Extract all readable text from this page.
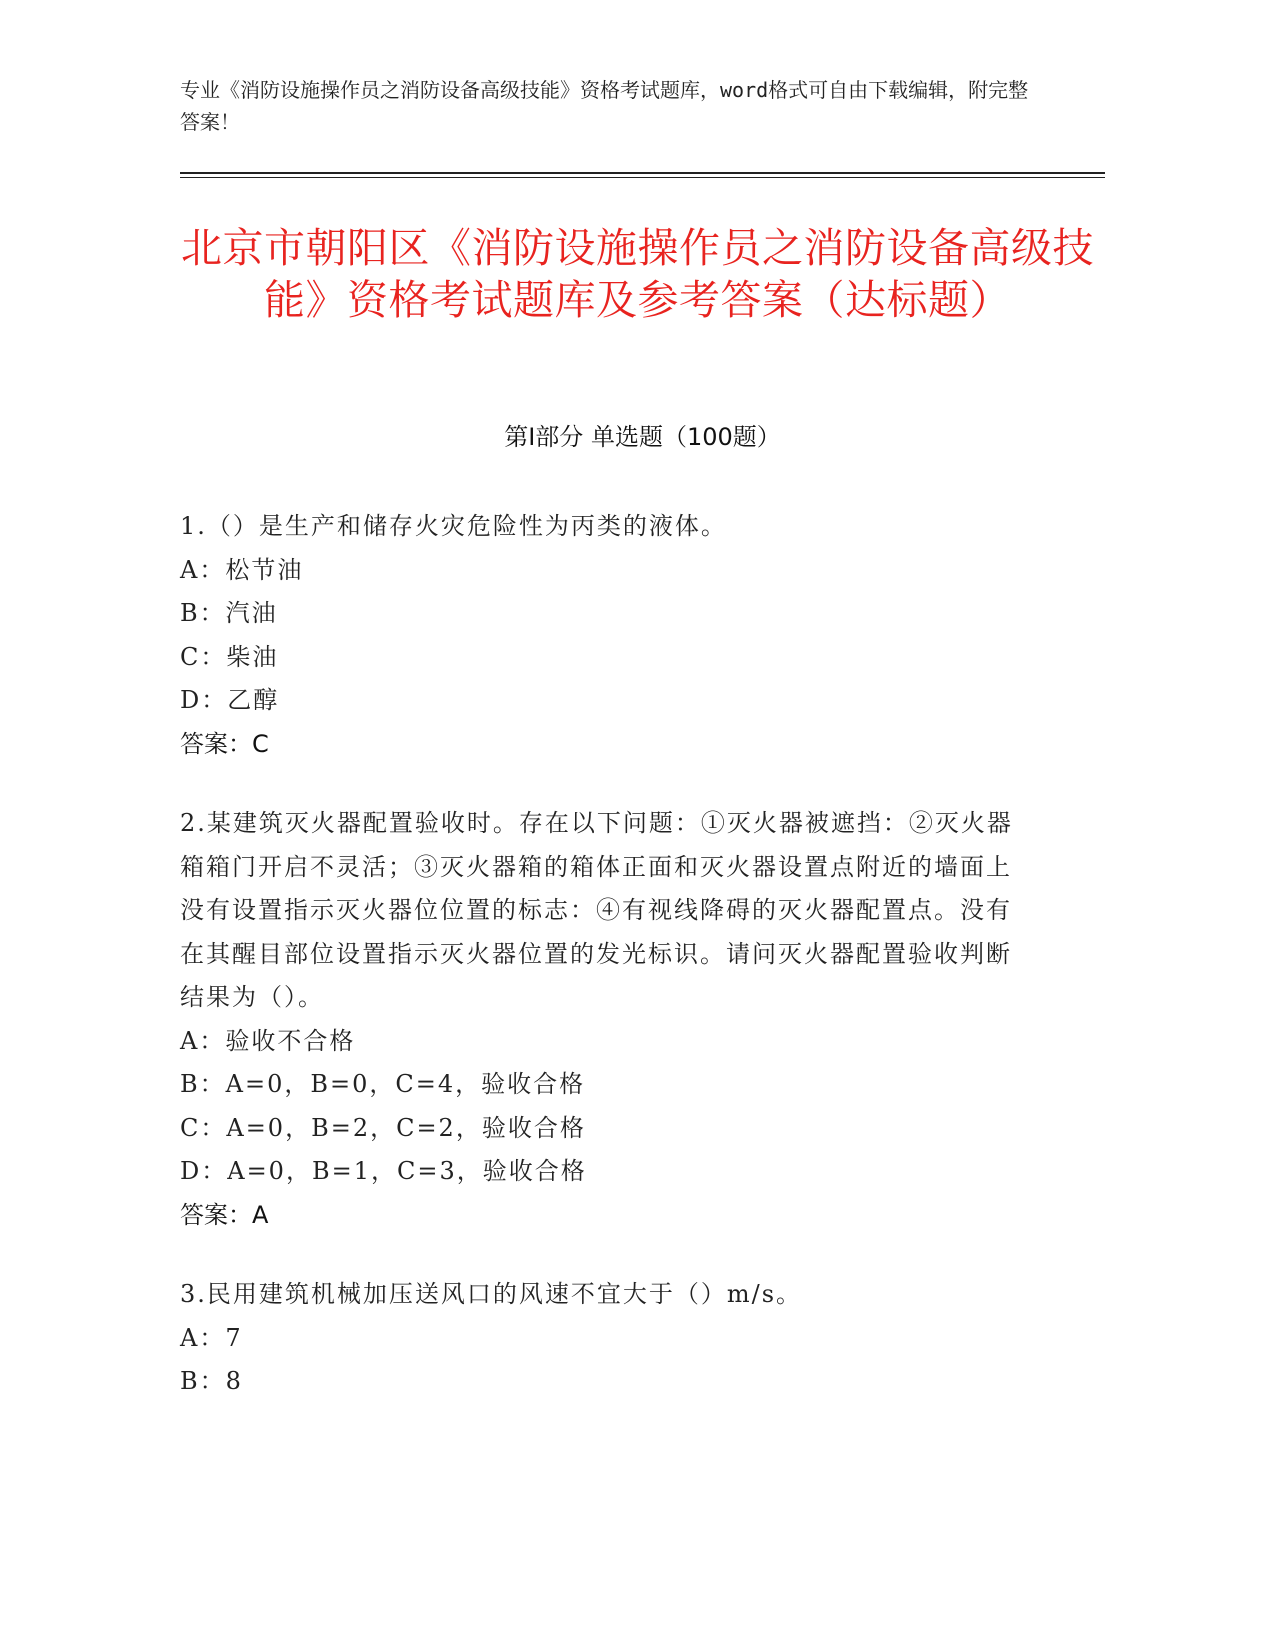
专业《消防设施操作员之消防设备高级技能》资格考试题库，word格式可自由下载编辑，附完整答案！
北京市朝阳区《消防设施操作员之消防设备高级技能》资格考试题库及参考答案（达标题）
第Ⅰ部分 单选题（100题）
1.（）是生产和储存火灾危险性为丙类的液体。
A：松节油
B：汽油
C：柴油
D：乙醇
答案：C
2.某建筑灭火器配置验收时。存在以下问题：①灭火器被遮挡：②灭火器箱箱门开启不灵活；③灭火器箱的箱体正面和灭火器设置点附近的墙面上没有设置指示灭火器位位置的标志：④有视线降碍的灭火器配置点。没有在其醒目部位设置指示灭火器位置的发光标识。请问灭火器配置验收判断结果为（）。
A：验收不合格
B：A=0，B=0，C=4，验收合格
C：A=0，B=2，C=2，验收合格
D：A=0，B=1，C=3，验收合格
答案：A
3.民用建筑机械加压送风口的风速不宜大于（）m/s。
A：7
B：8
